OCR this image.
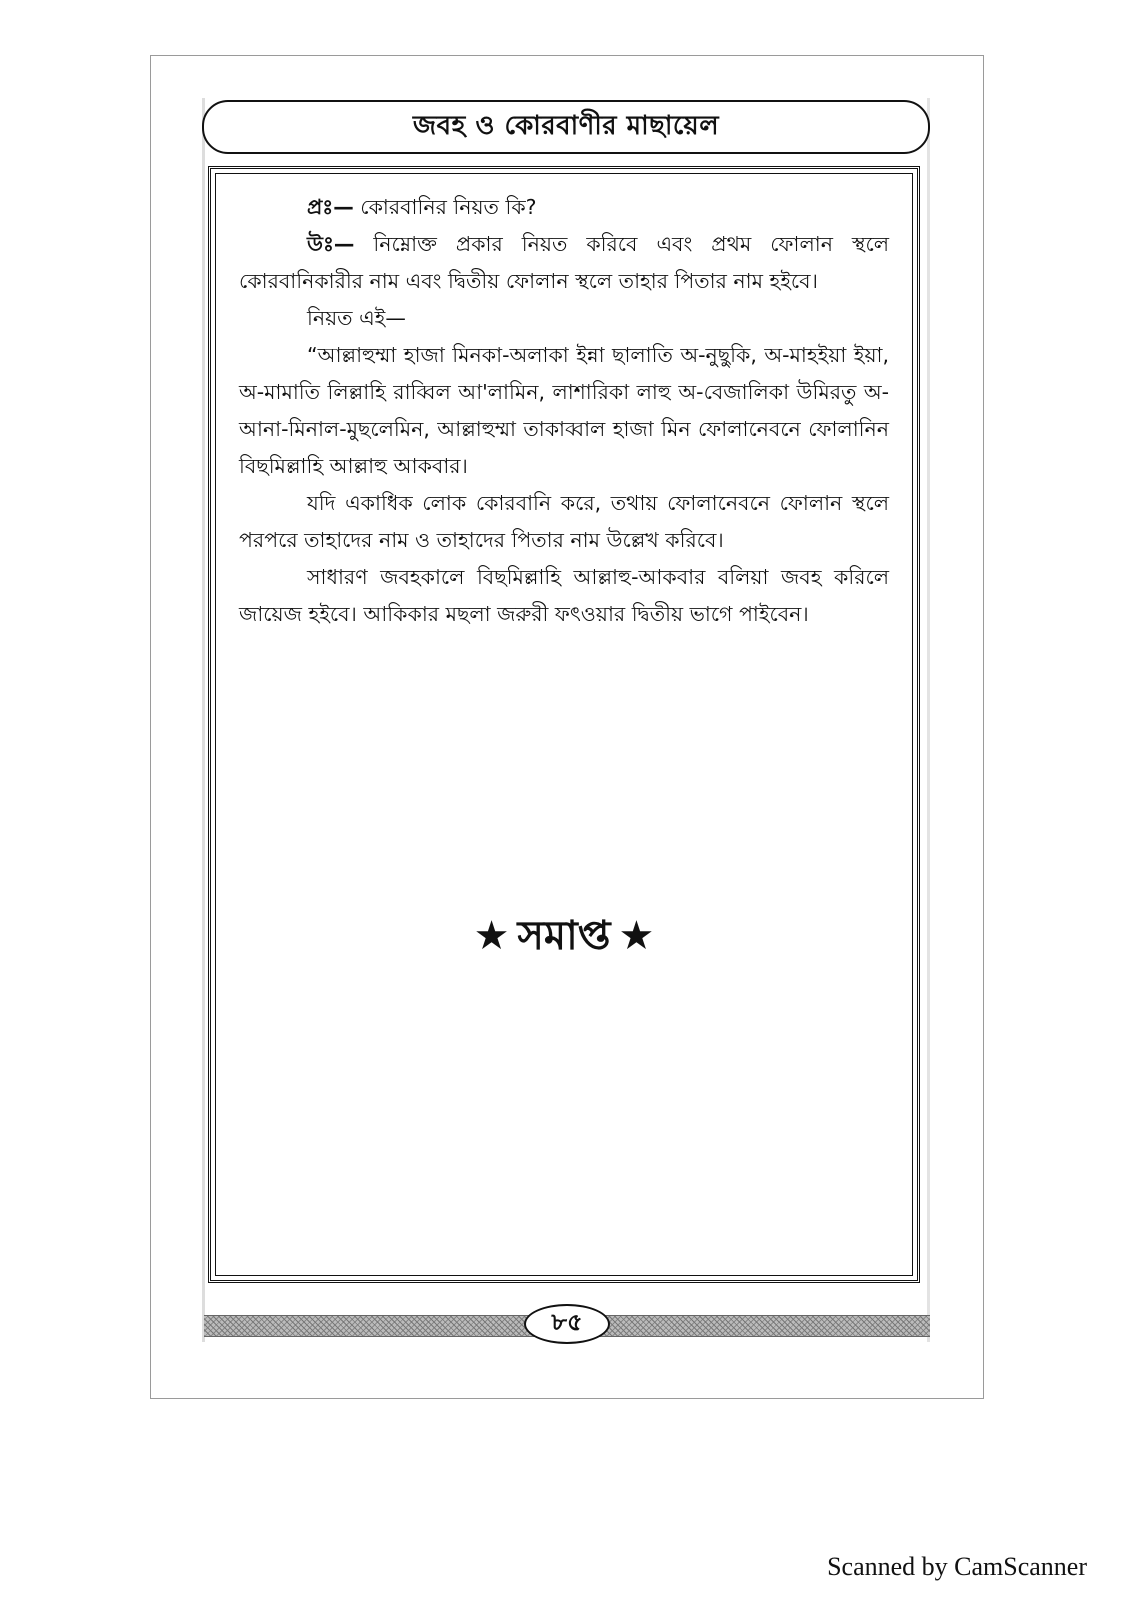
জবহ ও কোরবাণীর মাছায়েল

প্রঃ— কোরবানির নিয়ত কি?

উঃ— নিম্নোক্ত প্রকার নিয়ত করিবে এবং প্রথম ফোলান স্থলে কোরবানিকারীর নাম এবং দ্বিতীয় ফোলান স্থলে তাহার পিতার নাম হইবে।

নিয়ত এই—

“আল্লাহুম্মা হাজা মিনকা-অলাকা ইন্না ছালাতি অ-নুছুকি, অ-মাহইয়া ইয়া, অ-মামাতি লিল্লাহি রাব্বিল আ'লামিন, লাশারিকা লাহু অ-বেজালিকা উমিরতু অ-আনা-মিনাল-মুছলেমিন, আল্লাহুম্মা তাকাব্বাল হাজা মিন ফোলানেবনে ফোলানিন বিছমিল্লাহি আল্লাহু আকবার।

যদি একাধিক লোক কোরবানি করে, তথায় ফোলানেবনে ফোলান স্থলে পরপরে তাহাদের নাম ও তাহাদের পিতার নাম উল্লেখ করিবে।

সাধারণ জবহকালে বিছমিল্লাহি আল্লাহু-আকবার বলিয়া জবহ করিলে জায়েজ হইবে। আকিকার মছলা জরুরী ফৎওয়ার দ্বিতীয় ভাগে পাইবেন।

★ সমাপ্ত ★
৮৫
Scanned by CamScanner
